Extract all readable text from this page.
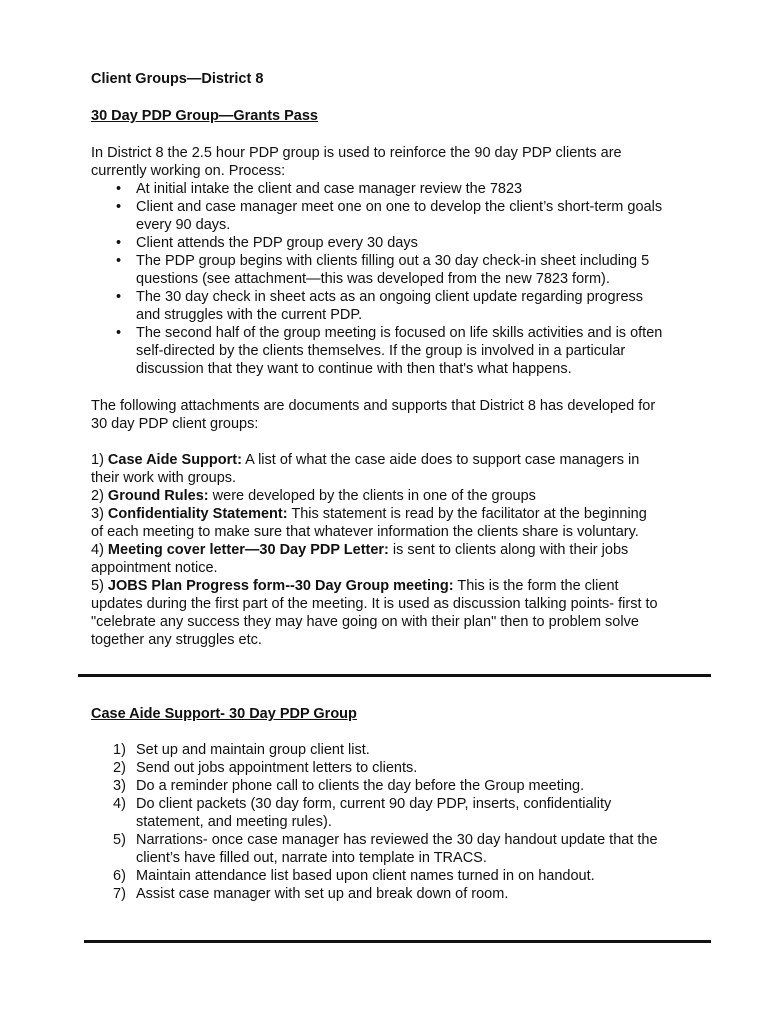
Client Groups—District 8
30 Day PDP Group—Grants Pass
In District 8 the 2.5 hour PDP group is used to reinforce the 90 day PDP clients are
currently working on. Process:
• At initial intake the client and case manager review the 7823
• Client and case manager meet one on one to develop the client’s short-term goals
every 90 days.
• Client attends the PDP group every 30 days
• The PDP group begins with clients filling out a 30 day check-in sheet including 5
questions (see attachment—this was developed from the new 7823 form).
• The 30 day check in sheet acts as an ongoing client update regarding progress
and struggles with the current PDP.
• The second half of the group meeting is focused on life skills activities and is often
self-directed by the clients themselves. If the group is involved in a particular
discussion that they want to continue with then that's what happens.
The following attachments are documents and supports that District 8 has developed for
30 day PDP client groups:
1) Case Aide Support: A list of what the case aide does to support case managers in
their work with groups.
2) Ground Rules: were developed by the clients in one of the groups
3) Confidentiality Statement: This statement is read by the facilitator at the beginning
of each meeting to make sure that whatever information the clients share is voluntary.
4) Meeting cover letter—30 Day PDP Letter: is sent to clients along with their jobs
appointment notice.
5) JOBS Plan Progress form--30 Day Group meeting: This is the form the client
updates during the first part of the meeting. It is used as discussion talking points- first to
"celebrate any success they may have going on with their plan" then to problem solve
together any struggles etc.
Case Aide Support- 30 Day PDP Group
1) Set up and maintain group client list.
2) Send out jobs appointment letters to clients.
3) Do a reminder phone call to clients the day before the Group meeting.
4) Do client packets (30 day form, current 90 day PDP, inserts, confidentiality
statement, and meeting rules).
5) Narrations- once case manager has reviewed the 30 day handout update that the
client’s have filled out, narrate into template in TRACS.
6) Maintain attendance list based upon client names turned in on handout.
7) Assist case manager with set up and break down of room.
